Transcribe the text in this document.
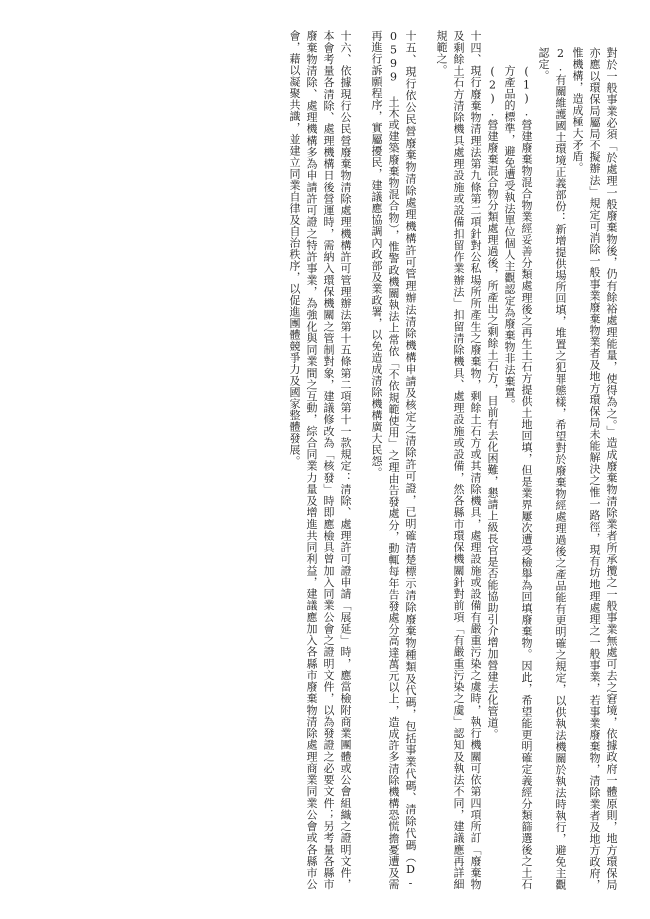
對於一般事業必須「於處理一般廢棄物後，仍有餘裕處理能量，使得為之。」造成廢棄物清除業者所承攬之一般事業無處可去之窘境，依據政府一體原則，地方環保局亦應以環保局屬局不擬辦法」規定可消除一般事業廢棄物業者及地方環保局未能解決之惟一路徑，現有坊地理處理之一般事業，若事業廢棄物，清除業者及地方政府，惟機構，造成極大矛盾。

2.有關維護國土環境正義部份：新增提供場所回填，堆置之犯罪態樣，希望對於廢棄物經處理過後之產品能有更明確之規定，以供執法機關於執法時執行，避免主觀認定。

(1).營建廢棄物混合物業經妥善分類處理後之再生土石方提供土地回填，但是業界屢次遭受檢舉為回填廢棄物。因此，希望能更明確定義經分類篩選後之土石方產品的標準，避免遭受執法單位個人主觀認定為廢棄物非法棄置。

(2).營建廢棄混合物分類處理過後，所產出之剩餘土石方，目前有去化困難，懇請上級長官是否能協助引介增加營建去化管道。

十四、現行廢棄物清理法第九條第二項針對公私場所所產生之廢棄物，剩餘土石方或其清除機具，處理設施或設備有嚴重污染之虞時，執行機關可依第四項所訂「廢棄物及剩餘土石方清除機具處理設施或設備扣留作業辦法」扣留清除機具、處理設施或設備，然各縣市環保機關針對前項「有嚴重污染之虞」認知及執法不同，建議應再詳細規範之。

十五、現行依公民營廢棄物清除處理機構許可管理辦法清除機構申請及核定之清除許可證，已明確清楚標示清除廢棄物種類及代碼，包括事業代碼、清除代碼（D-0599　土木或建築廢棄物混合物），惟警政機關執法上常依「不依規範使用」之理由告發處分，動輒每年告發處分高達萬元以上，造成許多清除機構恐慌擔憂遭及需再進行訴願程序，實屬擾民，建議應協調內政部及業政署，以免造成清除機構廣大民怨。

十六、依據現行公民營廢棄物清除處理機構許可管理辦法第十五條第二項第十一款規定：清除、處理許可證申請「展延」時，應當檢附商業團體或公會組織之證明文件，本會考量各清除、處理機構日後營運時，需納入環保機關之管制對象，建議修改為「核發」時即應檢具曾加入同業公會之證明文件，以為發證之必要文件；另考量各縣市廢棄物清除、處理機構多為申請許可證之特許事業，為強化與同業間之互動，綜合同業力量及增進共同利益，建議應加入各縣市廢棄物清除處理商業同業公會或各縣市公會，藉以凝聚共識，並建立同業自律及自治秩序，以促進團體競爭力及國家整體發展。
